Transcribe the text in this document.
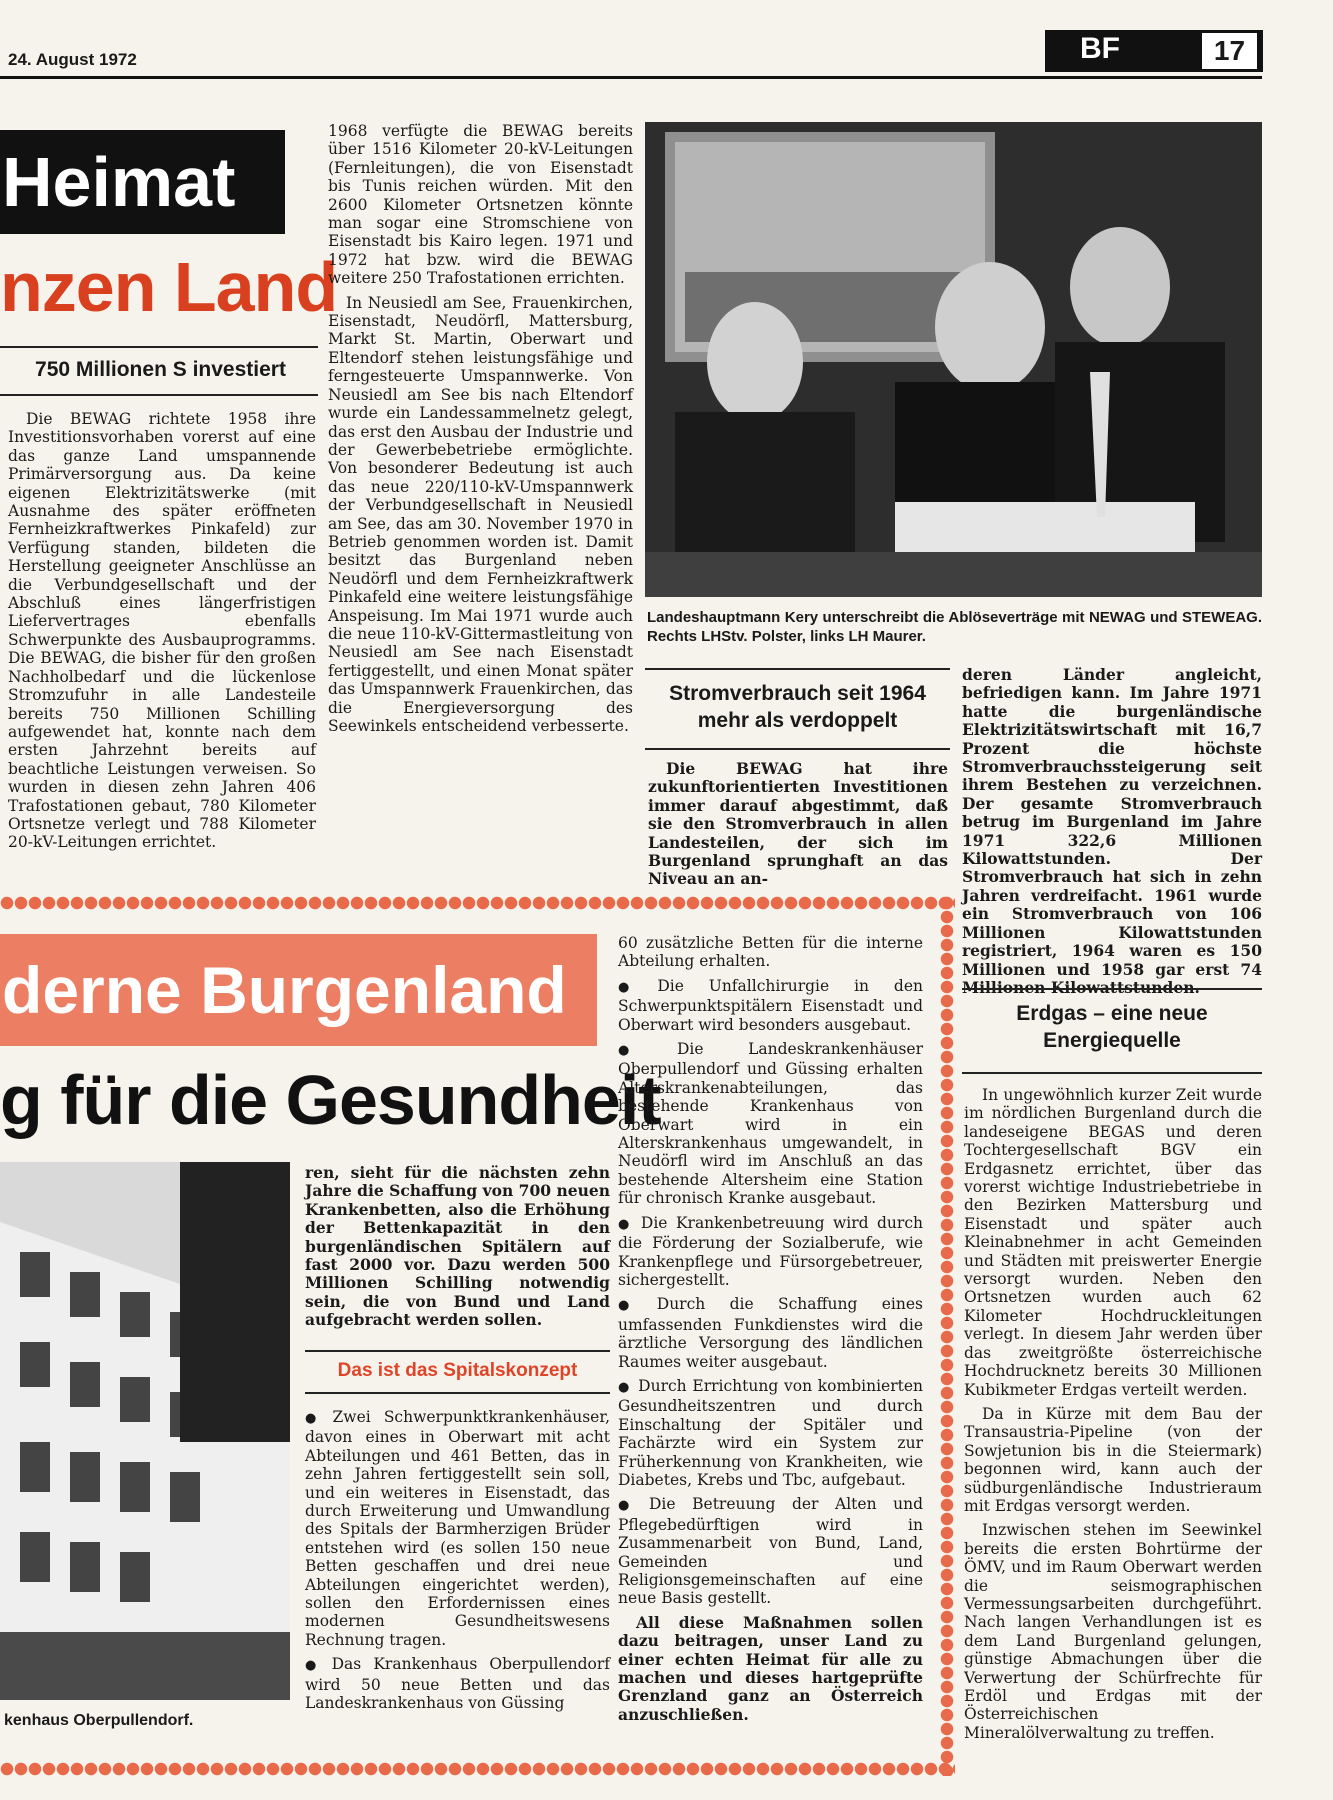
24. August 1972	BF	17
Heimat
nzen Land
750 Millionen S investiert

Die BEWAG richtete 1958 ihre Investitionsvorhaben vorerst auf eine das ganze Land umspannende Primärversorgung aus. Da keine eigenen Elektrizitätswerke (mit Ausnahme des später eröffneten Fernheizkraftwerkes Pinkafeld) zur Verfügung standen, bildeten die Herstellung geeigneter Anschlüsse an die Verbundgesellschaft und der Abschluß eines längerfristigen Liefervertrages ebenfalls Schwerpunkte des Ausbauprogramms. Die BEWAG, die bisher für den großen Nachholbedarf und die lückenlose Stromzufuhr in alle Landesteile bereits 750 Millionen Schilling aufgewendet hat, konnte nach dem ersten Jahrzehnt bereits auf beachtliche Leistungen verweisen. So wurden in diesen zehn Jahren 406 Trafostationen gebaut, 780 Kilometer Ortsnetze verlegt und 788 Kilometer 20-kV-Leitungen errichtet.

1968 verfügte die BEWAG bereits über 1516 Kilometer 20-kV-Leitungen (Fernleitungen), die von Eisenstadt bis Tunis reichen würden. Mit den 2600 Kilometer Ortsnetzen könnte man sogar eine Stromschiene von Eisenstadt bis Kairo legen. 1971 und 1972 hat bzw. wird die BEWAG weitere 250 Trafostationen errichten.

In Neusiedl am See, Frauenkirchen, Eisenstadt, Neudörfl, Mattersburg, Markt St. Martin, Oberwart und Eltendorf stehen leistungsfähige und ferngesteuerte Umspannwerke. Von Neusiedl am See bis nach Eltendorf wurde ein Landessammelnetz gelegt, das erst den Ausbau der Industrie und der Gewerbebetriebe ermöglichte. Von besonderer Bedeutung ist auch das neue 220/110-kV-Umspannwerk der Verbundgesellschaft in Neusiedl am See, das am 30. November 1970 in Betrieb genommen worden ist. Damit besitzt das Burgenland neben Neudörfl und dem Fernheizkraftwerk Pinkafeld eine weitere leistungsfähige Anspeisung. Im Mai 1971 wurde auch die neue 110-kV-Gittermastleitung von Neusiedl am See nach Eisenstadt fertiggestellt, und einen Monat später das Umspannwerk Frauenkirchen, das die Energieversorgung des Seewinkels entscheidend verbesserte.

Landeshauptmann Kery unterschreibt die Ablöseverträge mit NEWAG und STEWEAG. Rechts LHStv. Polster, links LH Maurer.
Stromverbrauch seit 1964 mehr als verdoppelt

Die BEWAG hat ihre zukunftorientierten Investitionen immer darauf abgestimmt, daß sie den Stromverbrauch in allen Landesteilen, der sich im Burgenland sprunghaft an das Niveau an an-

deren Länder angleicht, befriedigen kann. Im Jahre 1971 hatte die burgenländische Elektrizitätswirtschaft mit 16,7 Prozent die höchste Stromverbrauchssteigerung seit ihrem Bestehen zu verzeichnen. Der gesamte Stromverbrauch betrug im Burgenland im Jahre 1971 322,6 Millionen Kilowattstunden. Der Stromverbrauch hat sich in zehn Jahren verdreifacht. 1961 wurde ein Stromverbrauch von 106 Millionen Kilowattstunden registriert, 1964 waren es 150 Millionen und 1958 gar erst 74

derne Burgenland
g für die Gesundheit
kenhaus Oberpullendorf.

ren, sieht für die nächsten zehn Jahre die Schaffung von 700 neuen Krankenbetten, also die Erhöhung der Bettenkapazität in den burgenländischen Spitälern auf fast 2000 vor. Dazu werden 500 Millionen Schilling notwendig sein, die von Bund und Land aufgebracht werden sollen.

Das ist das Spitalskonzept

● Zwei Schwerpunktkrankenhäuser, davon eines in Oberwart mit acht Abteilungen und 461 Betten, das in zehn Jahren fertiggestellt sein soll, und ein weiteres in Eisenstadt, das durch Erweiterung und Umwandlung des Spitals der Barmherzigen Brüder entstehen wird (es sollen 150 neue Betten geschaffen und drei neue Abteilungen eingerichtet werden), sollen den Erfordernissen eines modernen Gesundheitswesens Rechnung tragen.

● Das Krankenhaus Oberpullendorf wird 50 neue Betten und das Landeskrankenhaus von Güssing

60 zusätzliche Betten für die interne Abteilung erhalten.

● Die Unfallchirurgie in den Schwerpunktspitälern Eisenstadt und Oberwart wird besonders ausgebaut.

● Die Landeskrankenhäuser Oberpullendorf und Güssing erhalten Alterskrankenabteilungen, das bestehende Krankenhaus von Oberwart wird in ein Alterskrankenhaus umgewandelt, in Neudörfl wird im Anschluß an das bestehende Altersheim eine Station für chronisch Kranke ausgebaut.

● Die Krankenbetreuung wird durch die Förderung der Sozialberufe, wie Krankenpflege und Fürsorgebetreuer, sichergestellt.

● Durch die Schaffung eines umfassenden Funkdienstes wird die ärztliche Versorgung des ländlichen Raumes weiter ausgebaut.

● Durch Errichtung von kombinierten Gesundheitszentren und durch Einschaltung der Spitäler und Fachärzte wird ein System zur Früherkennung von Krankheiten, wie Diabetes, Krebs und Tbc, aufgebaut.

● Die Betreuung der Alten und Pflegebedürftigen wird in Zusammenarbeit von Bund, Land, Gemeinden und Religionsgemeinschaften auf eine neue Basis gestellt.

All diese Maßnahmen sollen dazu beitragen, unser Land zu einer echten Heimat für alle zu machen und dieses hartgeprüfte Grenzland ganz an Österreich anzuschließen.

Erdgas – eine neue Energiequelle

In ungewöhnlich kurzer Zeit wurde im nördlichen Burgenland durch die landeseigene BEGAS und deren Tochtergesellschaft BGV ein Erdgasnetz errichtet, über das vorerst wichtige Industriebetriebe in den Bezirken Mattersburg und Eisenstadt und später auch Kleinabnehmer in acht Gemeinden und Städten mit preiswerter Energie versorgt wurden. Neben den Ortsnetzen wurden auch 62 Kilometer Hochdruckleitungen verlegt. In diesem Jahr werden über das zweitgrößte österreichische Hochdrucknetz bereits 30 Millionen Kubikmeter Erdgas verteilt werden.

Da in Kürze mit dem Bau der Transaustria-Pipeline (von der Sowjetunion bis in die Steiermark) begonnen wird, kann auch der südburgenländische Industrieraum mit Erdgas versorgt werden.

Inzwischen stehen im Seewinkel bereits die ersten Bohrtürme der ÖMV, und im Raum Oberwart werden die seismographischen Vermessungsarbeiten durchgeführt. Nach langen Verhandlungen ist es dem Land Burgenland gelungen, günstige Abmachungen über die Verwertung der Schürfrechte für Erdöl und Erdgas mit der Österreichischen Mineralölverwaltung zu treffen.
